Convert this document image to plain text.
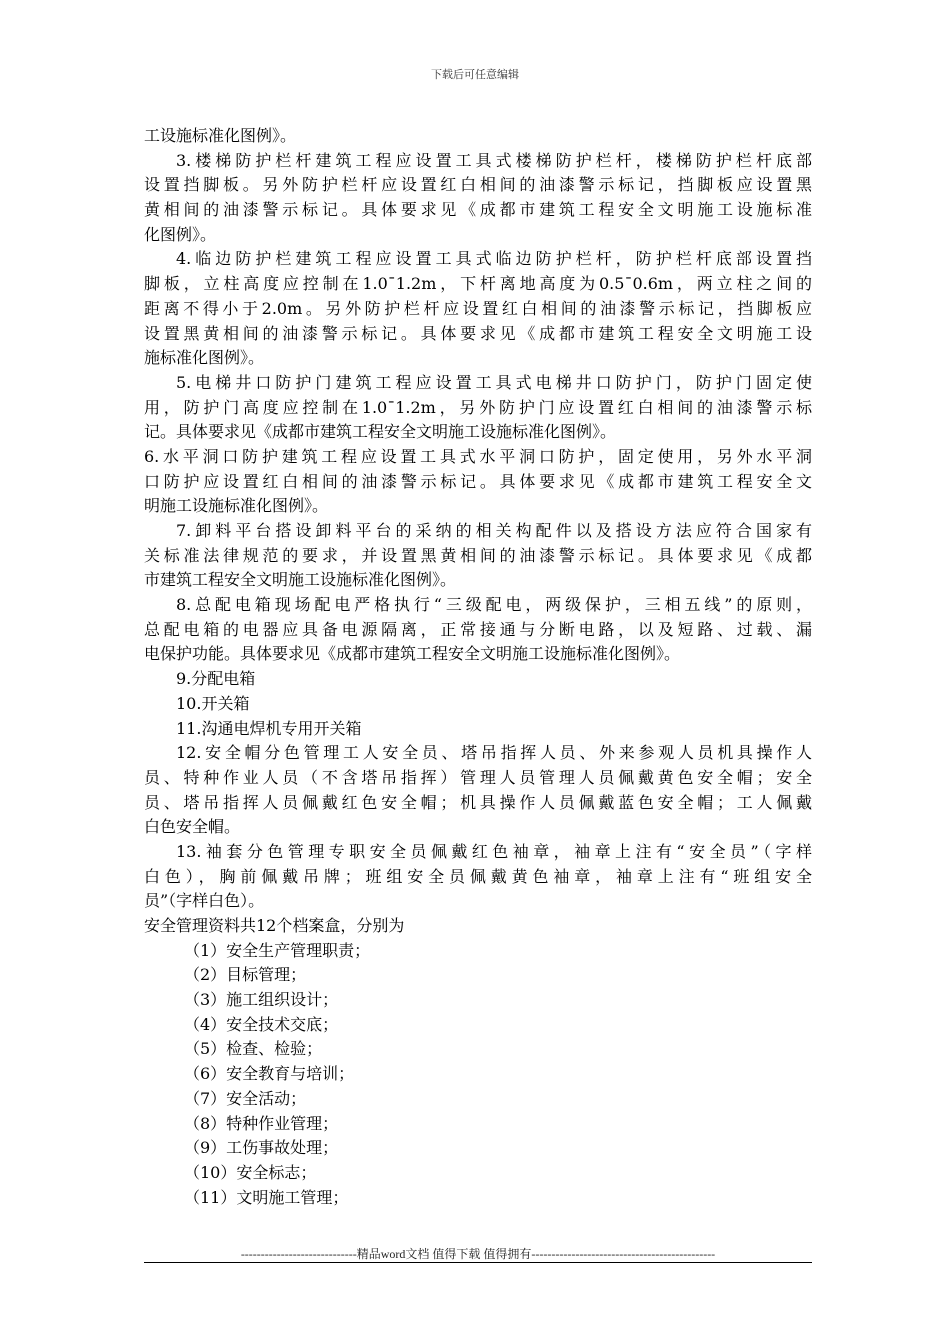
下载后可任意编辑
工设施标准化图例》。
3.楼梯防护栏杆建筑工程应设置工具式楼梯防护栏杆，楼梯防护栏杆底部
设置挡脚板。另外防护栏杆应设置红白相间的油漆警示标记，挡脚板应设置黑
黄相间的油漆警示标记。具体要求见《成都市建筑工程安全文明施工设施标准
化图例》。
4.临边防护栏建筑工程应设置工具式临边防护栏杆，防护栏杆底部设置挡
脚板，立柱高度应控制在1.0¯1.2m，下杆离地高度为0.5¯0.6m，两立柱之间的
距离不得小于2.0m。另外防护栏杆应设置红白相间的油漆警示标记，挡脚板应
设置黑黄相间的油漆警示标记。具体要求见《成都市建筑工程安全文明施工设
施标准化图例》。
5.电梯井口防护门建筑工程应设置工具式电梯井口防护门，防护门固定使
用，防护门高度应控制在1.0¯1.2m，另外防护门应设置红白相间的油漆警示标
记。具体要求见《成都市建筑工程安全文明施工设施标准化图例》。
6.水平洞口防护建筑工程应设置工具式水平洞口防护，固定使用，另外水平洞
口防护应设置红白相间的油漆警示标记。具体要求见《成都市建筑工程安全文
明施工设施标准化图例》。
7.卸料平台搭设卸料平台的采纳的相关构配件以及搭设方法应符合国家有
关标准法律规范的要求，并设置黑黄相间的油漆警示标记。具体要求见《成都
市建筑工程安全文明施工设施标准化图例》。
8.总配电箱现场配电严格执行“三级配电，两级保护，三相五线”的原则，
总配电箱的电器应具备电源隔离，正常接通与分断电路，以及短路、过载、漏
电保护功能。具体要求见《成都市建筑工程安全文明施工设施标准化图例》。
9.分配电箱
10.开关箱
11.沟通电焊机专用开关箱
12.安全帽分色管理工人安全员、塔吊指挥人员、外来参观人员机具操作人
员、特种作业人员（不含塔吊指挥）管理人员管理人员佩戴黄色安全帽；安全
员、塔吊指挥人员佩戴红色安全帽；机具操作人员佩戴蓝色安全帽；工人佩戴
白色安全帽。
13.袖套分色管理专职安全员佩戴红色袖章，袖章上注有“安全员”（字样
白色），胸前佩戴吊牌；班组安全员佩戴黄色袖章，袖章上注有“班组安全
员”（字样白色）。
安全管理资料共12个档案盒，分别为
（1）安全生产管理职责；
（2）目标管理；
（3）施工组织设计；
（4）安全技术交底；
（5）检查、检验；
（6）安全教育与培训；
（7）安全活动；
（8）特种作业管理；
（9）工伤事故处理；
（10）安全标志；
（11）文明施工管理；
-----------------------------精品word文档 值得下载 值得拥有----------------------------------------------
